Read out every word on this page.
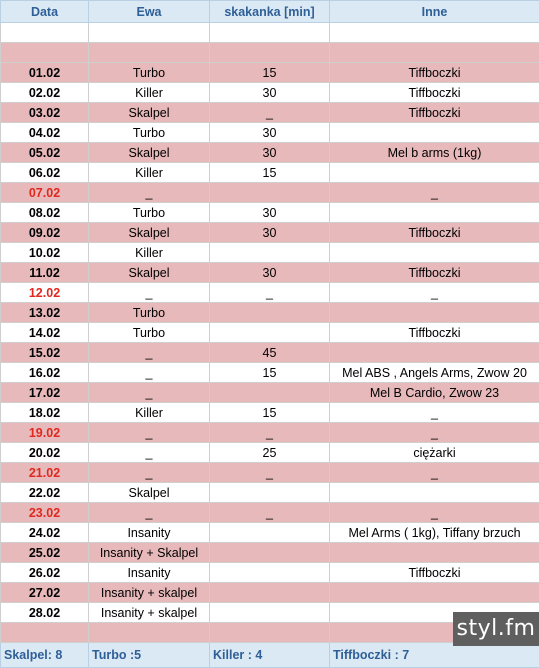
Data	Ewa	skakanka [min]	Inne

01.02	Turbo	15	Tiffboczki
02.02	Killer	30	Tiffboczki
03.02	Skalpel	_	Tiffboczki
04.02	Turbo	30	
05.02	Skalpel	30	Mel b arms (1kg)
06.02	Killer	15	
07.02	_		_
08.02	Turbo	30	
09.02	Skalpel	30	Tiffboczki
10.02	Killer		
11.02	Skalpel	30	Tiffboczki
12.02	_	_	_
13.02	Turbo		
14.02	Turbo		Tiffboczki
15.02	_	45	
16.02	_	15	Mel ABS , Angels Arms, Zwow 20
17.02	_		Mel B Cardio, Zwow 23
18.02	Killer	15	_
19.02	_	_	_
20.02	_	25	ciężarki
21.02	_	_	_
22.02	Skalpel		
23.02	_	_	_
24.02	Insanity		Mel Arms ( 1kg), Tiffany brzuch
25.02	Insanity + Skalpel		
26.02	Insanity		Tiffboczki
27.02	Insanity + skalpel		
28.02	Insanity + skalpel		

Skalpel: 8	Turbo :5	Killer : 4	Tiffboczki : 7
styl.fm
